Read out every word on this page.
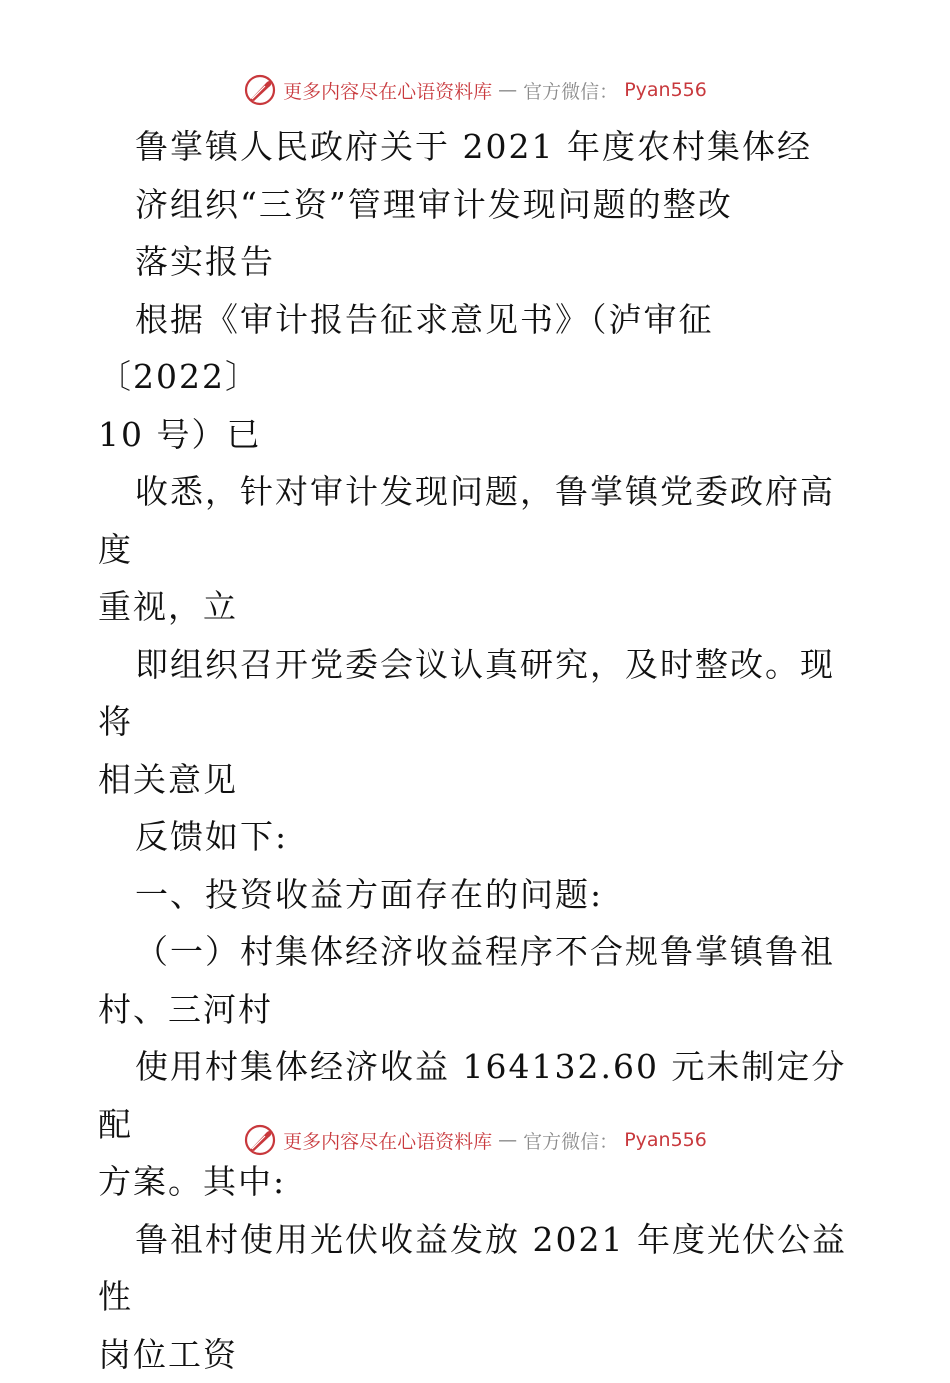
更多内容尽在心语资料库 — 官方微信： Pyan556

鲁掌镇人民政府关于 2021 年度农村集体经

济组织“三资”管理审计发现问题的整改

落实报告

根据《审计报告征求意见书》（泸审征〔2022〕

10 号）已

收悉，针对审计发现问题，鲁掌镇党委政府高度

重视，立

即组织召开党委会议认真研究，及时整改。现将

相关意见

反馈如下:

一、投资收益方面存在的问题:

（一）村集体经济收益程序不合规鲁掌镇鲁祖

村、三河村

使用村集体经济收益 164132.60 元未制定分配

方案。其中:

鲁祖村使用光伏收益发放 2021 年度光伏公益性

岗位工资

更多内容尽在心语资料库 — 官方微信： Pyan556
